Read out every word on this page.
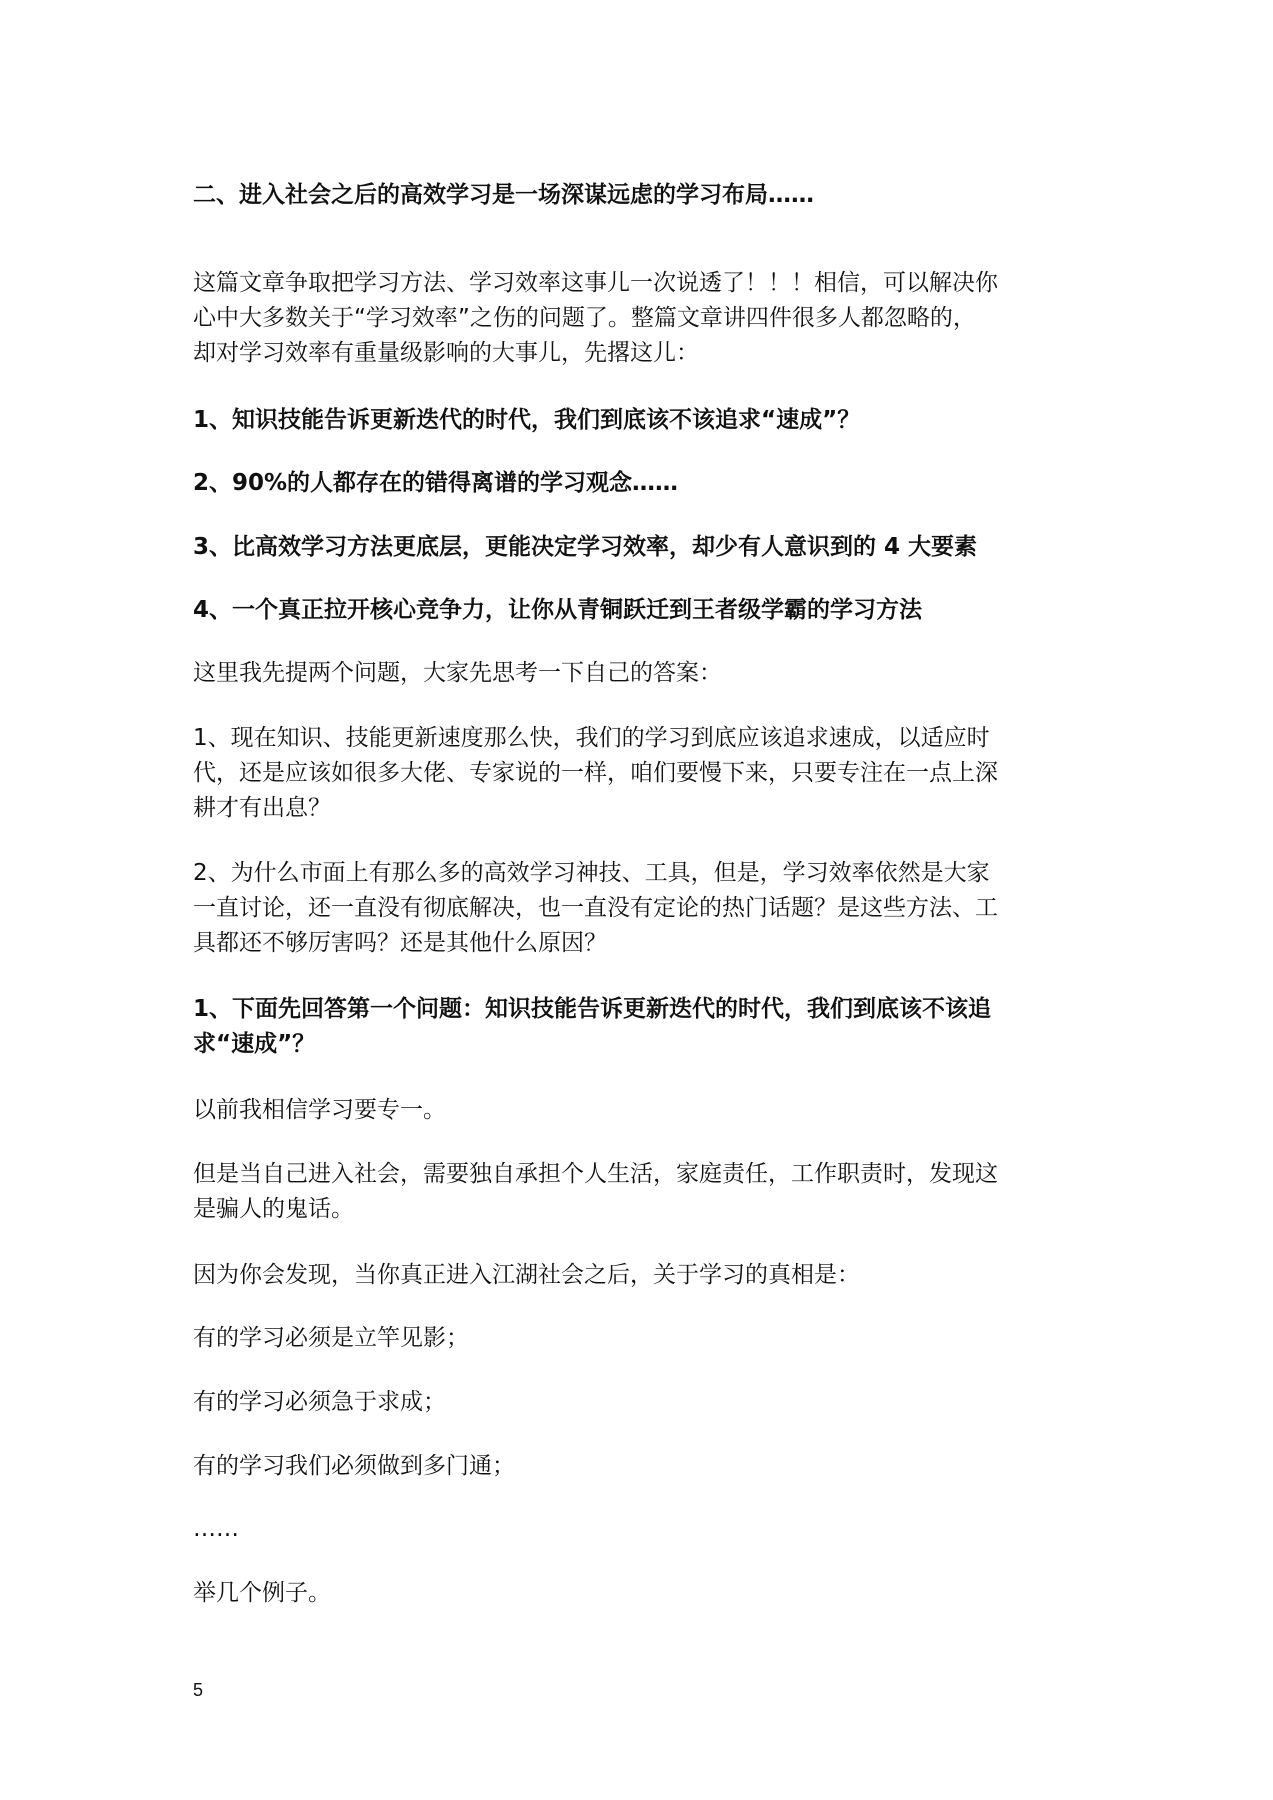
二、进入社会之后的高效学习是一场深谋远虑的学习布局……
这篇文章争取把学习方法、学习效率这事儿一次说透了！！！相信，可以解决你
心中大多数关于“学习效率”之伤的问题了。整篇文章讲四件很多人都忽略的，
却对学习效率有重量级影响的大事儿，先撂这儿：
1、知识技能告诉更新迭代的时代，我们到底该不该追求“速成”？
2、90%的人都存在的错得离谱的学习观念……
3、比高效学习方法更底层，更能决定学习效率，却少有人意识到的 4 大要素
4、一个真正拉开核心竞争力，让你从青铜跃迁到王者级学霸的学习方法
这里我先提两个问题，大家先思考一下自己的答案：
1、现在知识、技能更新速度那么快，我们的学习到底应该追求速成，以适应时
代，还是应该如很多大佬、专家说的一样，咱们要慢下来，只要专注在一点上深
耕才有出息？
2、为什么市面上有那么多的高效学习神技、工具，但是，学习效率依然是大家
一直讨论，还一直没有彻底解决，也一直没有定论的热门话题？是这些方法、工
具都还不够厉害吗？还是其他什么原因？
1、下面先回答第一个问题：知识技能告诉更新迭代的时代，我们到底该不该追
求“速成”？
以前我相信学习要专一。
但是当自己进入社会，需要独自承担个人生活，家庭责任，工作职责时，发现这
是骗人的鬼话。
因为你会发现，当你真正进入江湖社会之后，关于学习的真相是：
有的学习必须是立竿见影；
有的学习必须急于求成；
有的学习我们必须做到多门通；
……
举几个例子。
5
